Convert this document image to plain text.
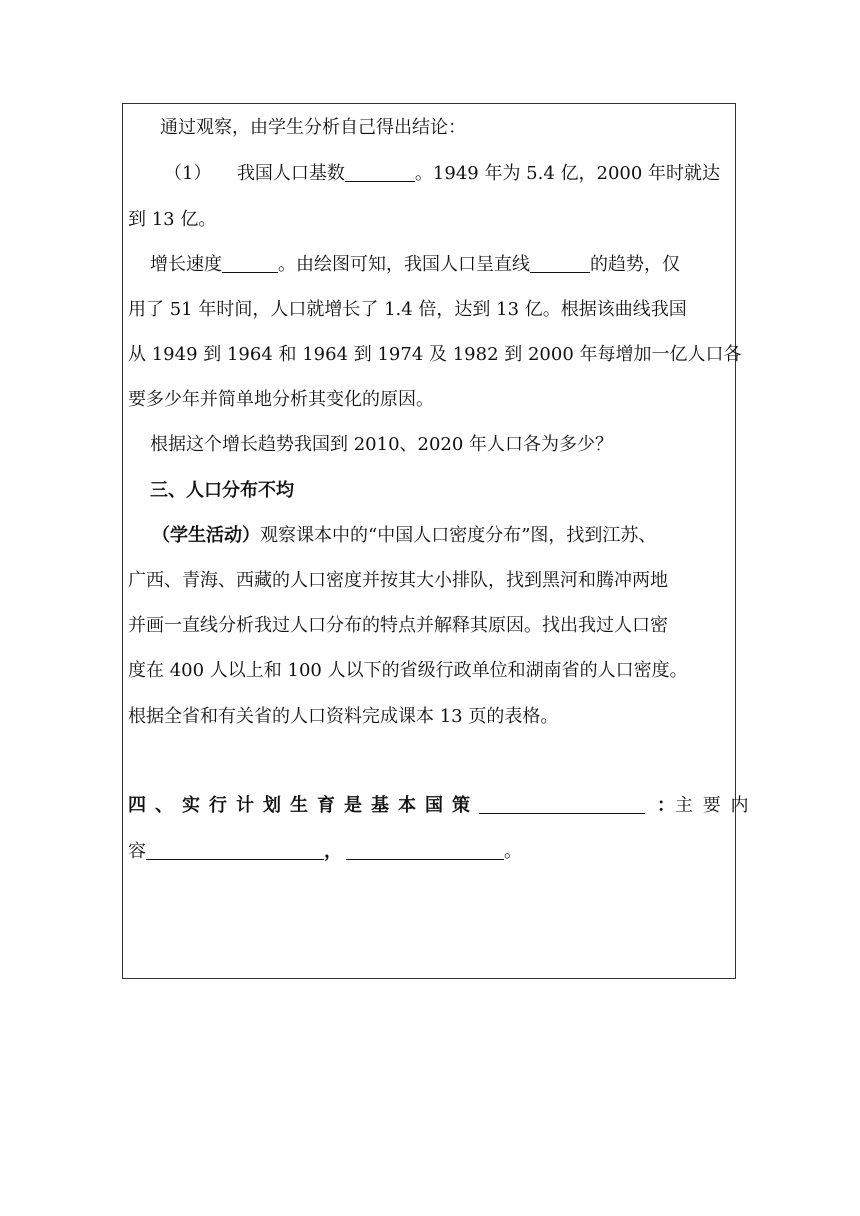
通过观察，由学生分析自己得出结论：
（1） 我国人口基数	。1949 年为 5.4 亿，2000 年时就达
到 13 亿。
增长速度	。由绘图可知，我国人口呈直线	的趋势，仅
用了 51 年时间，人口就增长了 1.4 倍，达到 13 亿。根据该曲线我国
从 1949 到 1964 和 1964 到 1974 及 1982 到 2000 年每增加一亿人口各
要多少年并简单地分析其变化的原因。
根据这个增长趋势我国到 2010、2020 年人口各为多少？
三、人口分布不均
（学生活动）观察课本中的“中国人口密度分布”图，找到江苏、
广西、青海、西藏的人口密度并按其大小排队，找到黑河和腾冲两地
并画一直线分析我过人口分布的特点并解释其原因。找出我过人口密
度在 400 人以上和 100 人以下的省级行政单位和湖南省的人口密度。
根据全省和有关省的人口资料完成课本 13 页的表格。
四、实行计划生育是基本国策	：主 要 内
容	，	。
